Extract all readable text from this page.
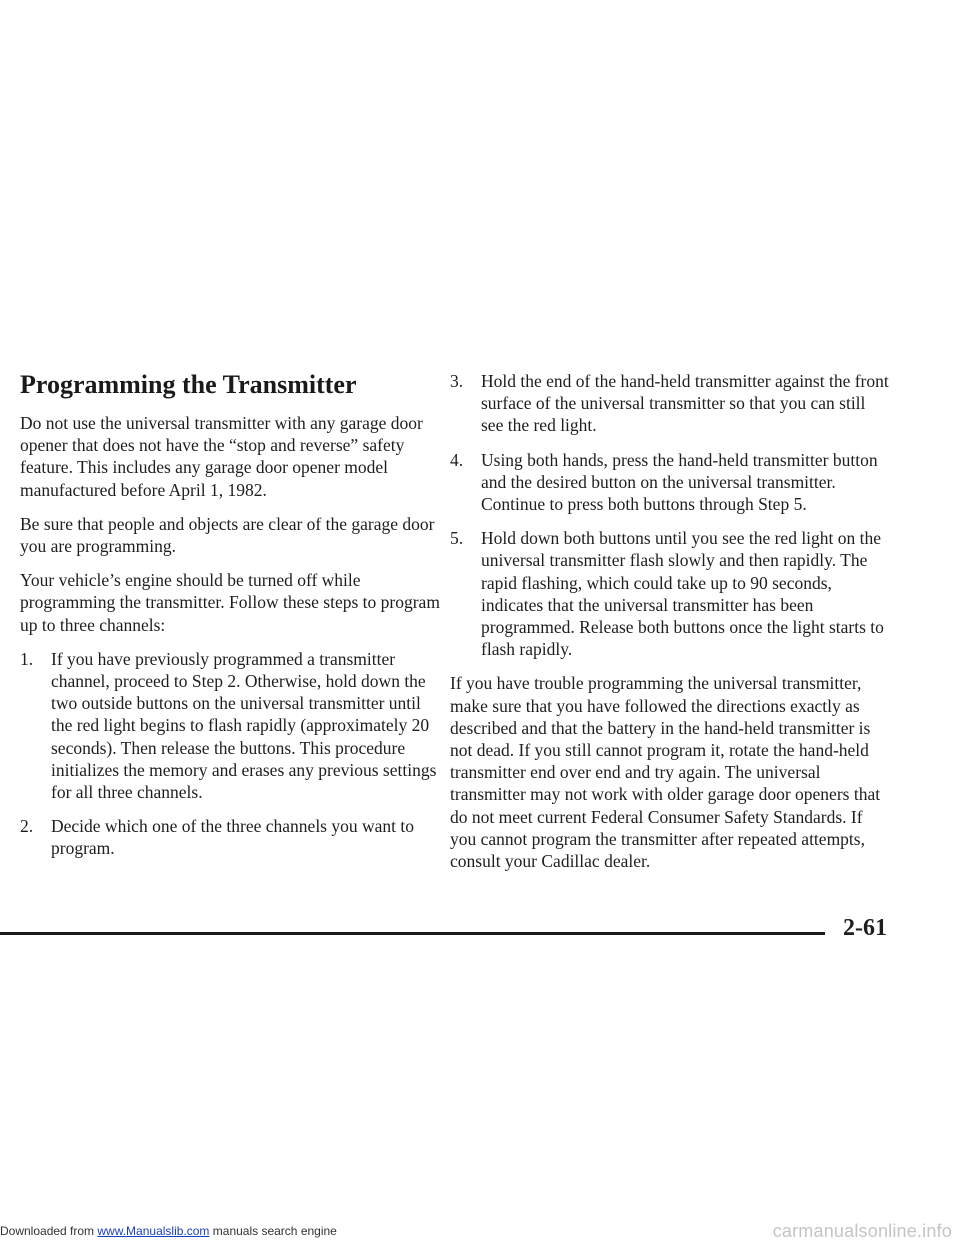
Programming the Transmitter

Do not use the universal transmitter with any garage door opener that does not have the “stop and reverse” safety feature. This includes any garage door opener model manufactured before April 1, 1982.

Be sure that people and objects are clear of the garage door you are programming.

Your vehicle’s engine should be turned off while programming the transmitter. Follow these steps to program up to three channels:

1. If you have previously programmed a transmitter channel, proceed to Step 2. Otherwise, hold down the two outside buttons on the universal transmitter until the red light begins to flash rapidly (approximately 20 seconds). Then release the buttons. This procedure initializes the memory and erases any previous settings for all three channels.
2. Decide which one of the three channels you want to program.
3. Hold the end of the hand-held transmitter against the front surface of the universal transmitter so that you can still see the red light.
4. Using both hands, press the hand-held transmitter button and the desired button on the universal transmitter. Continue to press both buttons through Step 5.
5. Hold down both buttons until you see the red light on the universal transmitter flash slowly and then rapidly. The rapid flashing, which could take up to 90 seconds, indicates that the universal transmitter has been programmed. Release both buttons once the light starts to flash rapidly.

If you have trouble programming the universal transmitter, make sure that you have followed the directions exactly as described and that the battery in the hand-held transmitter is not dead. If you still cannot program it, rotate the hand-held transmitter end over end and try again. The universal transmitter may not work with older garage door openers that do not meet current Federal Consumer Safety Standards. If you cannot program the transmitter after repeated attempts, consult your Cadillac dealer.

2-61
Downloaded from www.Manualslib.com manuals search engine	carmanualsonline.info
